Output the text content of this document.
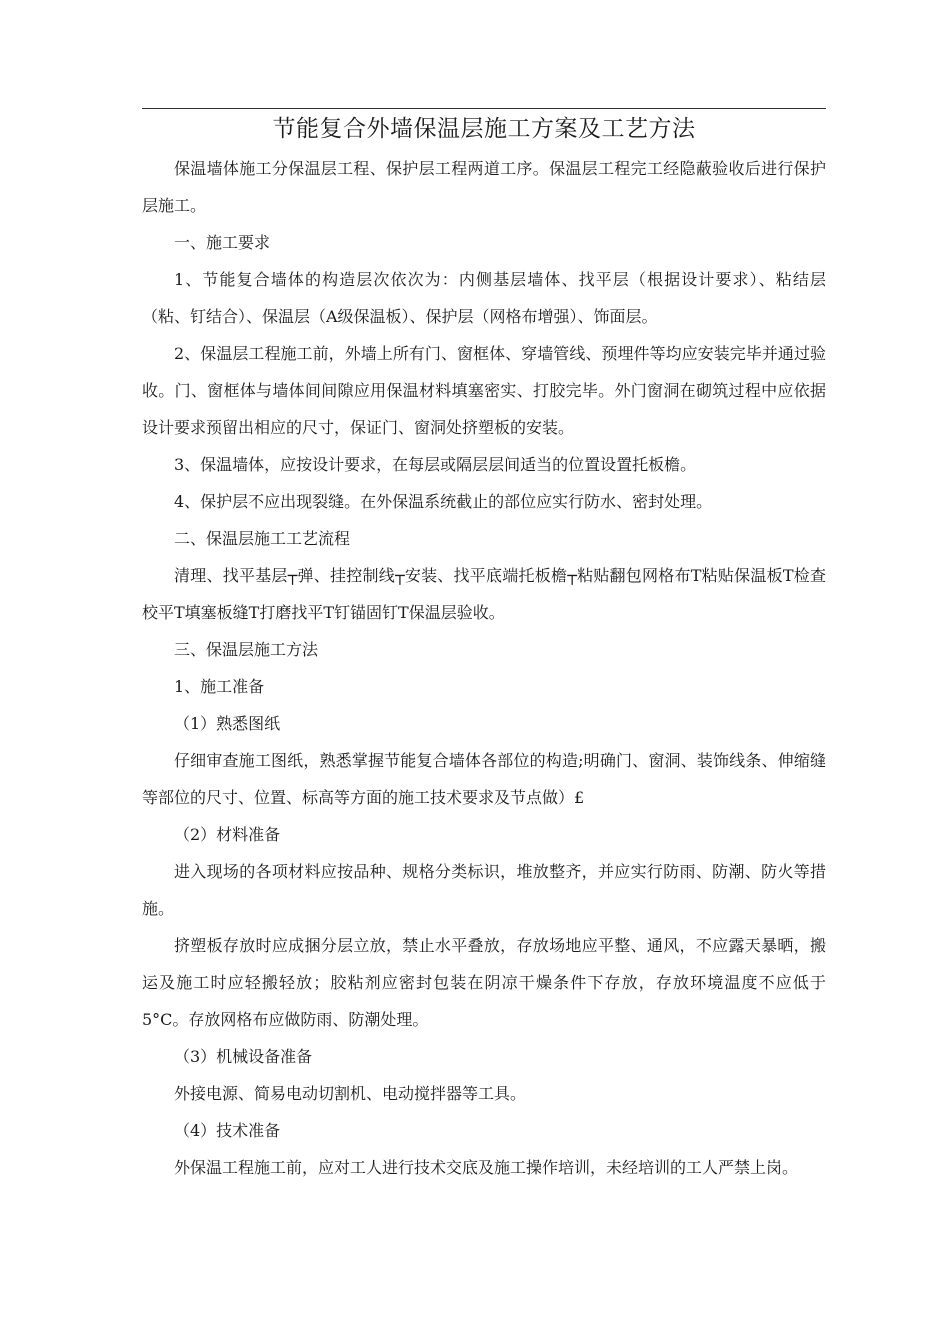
节能复合外墙保温层施工方案及工艺方法

保温墙体施工分保温层工程、保护层工程两道工序。保温层工程完工经隐蔽验收后进行保护层施工。

一、施工要求

1、节能复合墙体的构造层次依次为：内侧基层墙体、找平层（根据设计要求）、粘结层（粘、钉结合）、保温层（A级保温板）、保护层（网格布增强）、饰面层。

2、保温层工程施工前，外墙上所有门、窗框体、穿墙管线、预埋件等均应安装完毕并通过验收。门、窗框体与墙体间间隙应用保温材料填塞密实、打胶完毕。外门窗洞在砌筑过程中应依据设计要求预留出相应的尺寸，保证门、窗洞处挤塑板的安装。

3、保温墙体，应按设计要求，在每层或隔层层间适当的位置设置托板檐。

4、保护层不应出现裂缝。在外保温系统截止的部位应实行防水、密封处理。

二、保温层施工工艺流程

清理、找平基层┬弹、挂控制线┬安装、找平底端托板檐┬粘贴翻包网格布T粘贴保温板T检查校平T填塞板缝T打磨找平T钉锚固钉T保温层验收。

三、保温层施工方法

1、施工准备

（1）熟悉图纸

仔细审查施工图纸，熟悉掌握节能复合墙体各部位的构造;明确门、窗洞、装饰线条、伸缩缝等部位的尺寸、位置、标高等方面的施工技术要求及节点做）£

（2）材料准备

进入现场的各项材料应按品种、规格分类标识，堆放整齐，并应实行防雨、防潮、防火等措施。

挤塑板存放时应成捆分层立放，禁止水平叠放，存放场地应平整、通风，不应露天暴晒，搬运及施工时应轻搬轻放；胶粘剂应密封包装在阴凉干燥条件下存放，存放环境温度不应低于5°C。存放网格布应做防雨、防潮处理。

（3）机械设备准备

外接电源、简易电动切割机、电动搅拌器等工具。

（4）技术准备

外保温工程施工前，应对工人进行技术交底及施工操作培训，未经培训的工人严禁上岗。
